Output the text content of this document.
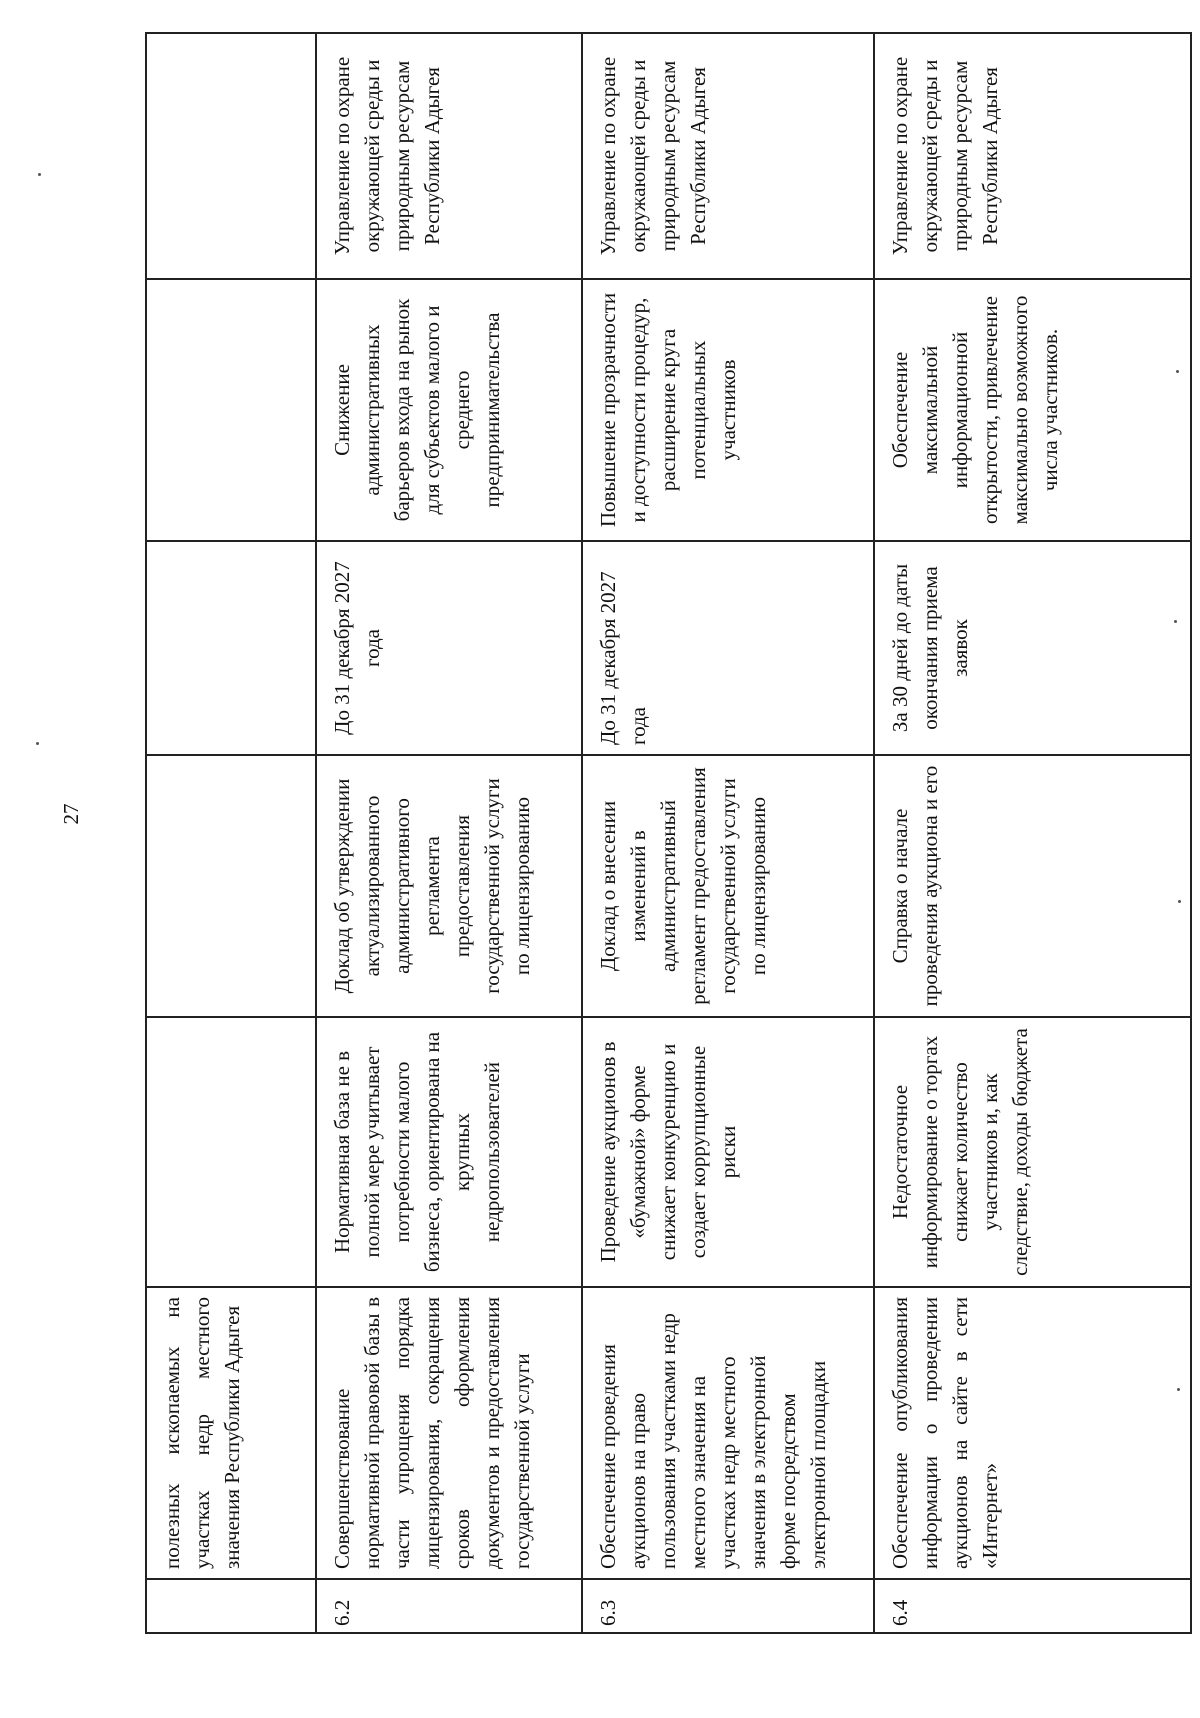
27
	полезных ископаемых на участках недр местного значения Республики Адыгея					
6.2	Совершенствование нормативной правовой базы в части упрощения порядка лицензирования, сокращения сроков оформления документов и предоставления государственной услуги	Нормативная база не в полной мере учитывает потребности малого бизнеса, ориентирована на крупных недропользователей	Доклад об утверждении актуализированного административного регламента предоставления государственной услуги по лицензированию	До 31 декабря 2027 года	Снижение административных барьеров входа на рынок для субъектов малого и среднего предпринимательства	Управление по охране окружающей среды и природным ресурсам Республики Адыгея
6.3	Обеспечение проведения аукционов на право пользования участками недр местного значения на участках недр местного значения в электронной форме посредством электронной площадки	Проведение аукционов в «бумажной» форме снижает конкуренцию и создает коррупционные риски	Доклад о внесении изменений в административный регламент предоставления государственной услуги по лицензированию	До 31 декабря 2027 года	Повышение прозрачности и доступности процедур, расширение круга потенциальных участников	Управление по охране окружающей среды и природным ресурсам Республики Адыгея
6.4	Обеспечение опубликования информации о проведении аукционов на сайте в сети «Интернет»	Недостаточное информирование о торгах снижает количество участников и, как следствие, доходы бюджета	Справка о начале проведения аукциона и его	За 30 дней до даты окончания приема заявок	Обеспечение максимальной информационной открытости, привлечение максимально возможного числа участников.	Управление по охране окружающей среды и природным ресурсам Республики Адыгея
